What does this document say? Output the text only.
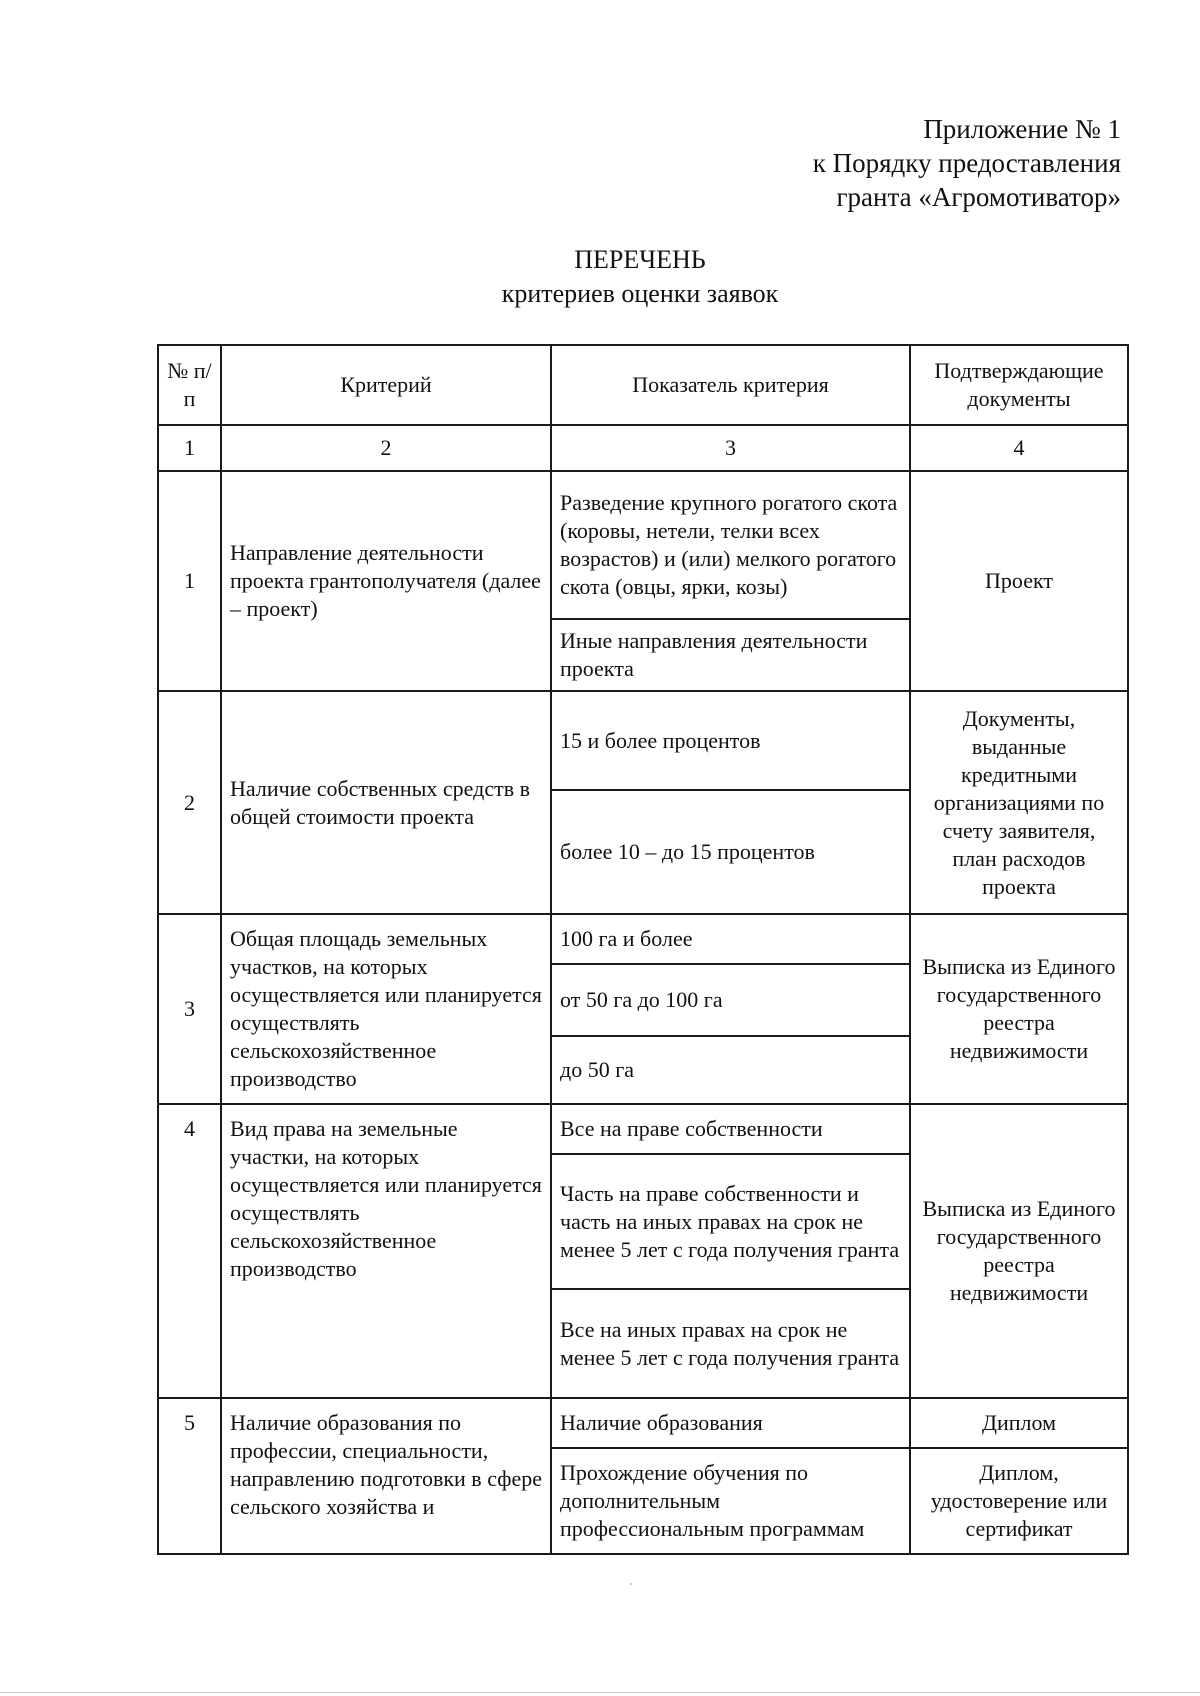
Приложение № 1
к Порядку предоставления
гранта «Агромотиватор»
ПЕРЕЧЕНЬ
критериев оценки заявок
№ п/п	Критерий	Показатель критерия	Подтверждающие документы
1	2	3	4
1	Направление деятельности проекта грантополучателя (далее – проект)	Разведение крупного рогатого скота (коровы, нетели, телки всех возрастов) и (или) мелкого рогатого скота (овцы, ярки, козы)	Проект
		Иные направления деятельности проекта	
2	Наличие собственных средств в общей стоимости проекта	15 и более процентов	Документы, выданные кредитными организациями по счету заявителя, план расходов проекта
		более 10 – до 15 процентов	
3	Общая площадь земельных участков, на которых осуществляется или планируется осуществлять сельскохозяйственное производство	100 га и более	Выписка из Единого государственного реестра недвижимости
		от 50 га до 100 га	
		до 50 га	
4	Вид права на земельные участки, на которых осуществляется или планируется осуществлять сельскохозяйственное производство	Все на праве собственности	Выписка из Единого государственного реестра недвижимости
		Часть на праве собственности и часть на иных правах на срок не менее 5 лет с года получения гранта	
		Все на иных правах на срок не менее 5 лет с года получения гранта	
5	Наличие образования по профессии, специальности, направлению подготовки в сфере сельского хозяйства и	Наличие образования	Диплом
		Прохождение обучения по дополнительным профессиональным программам	Диплом, удостоверение или сертификат
